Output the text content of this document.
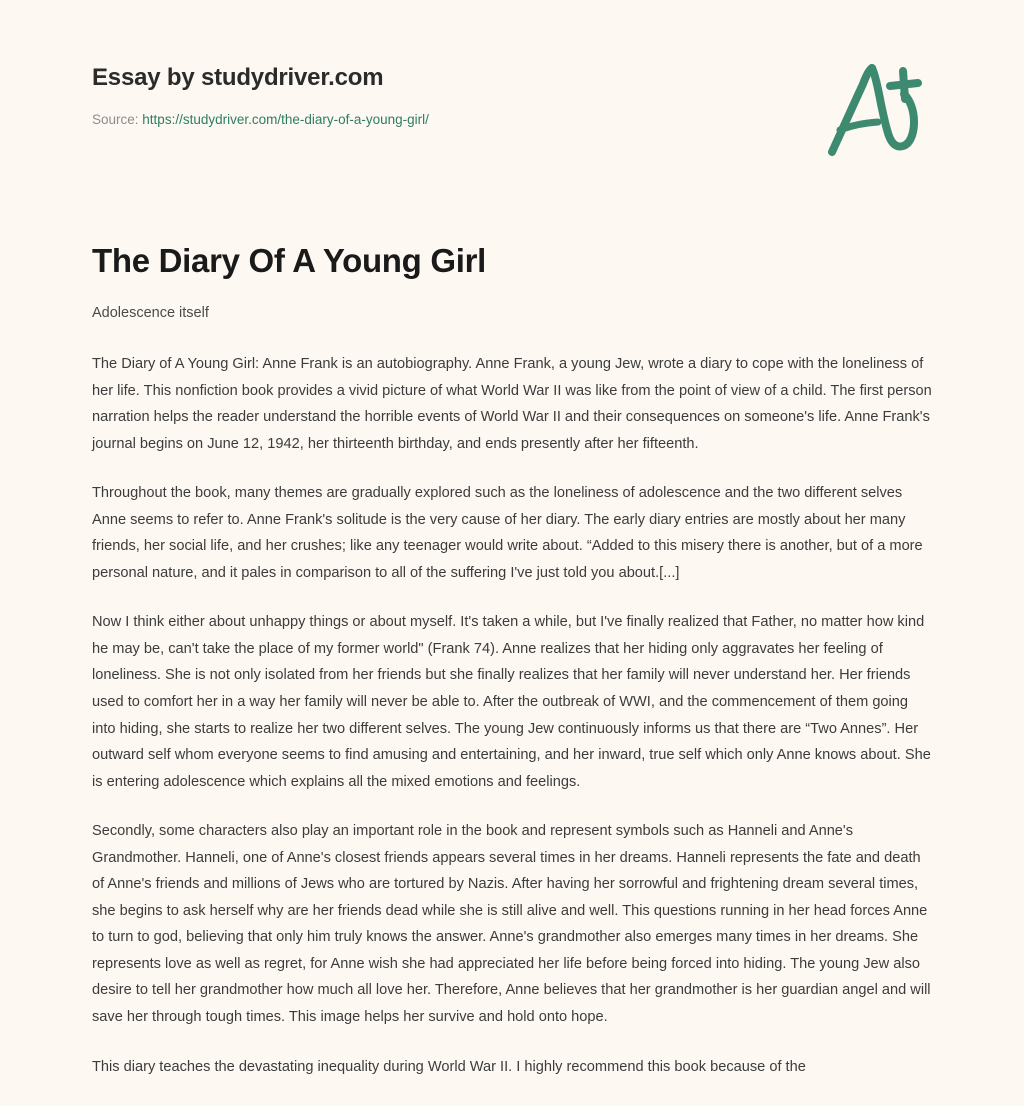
Essay by studydriver.com
Source: https://studydriver.com/the-diary-of-a-young-girl/
The Diary Of A Young Girl
Adolescence itself

The Diary of A Young Girl: Anne Frank is an autobiography. Anne Frank, a young Jew, wrote a diary to cope with the loneliness of her life. This nonfiction book provides a vivid picture of what World War II was like from the point of view of a child. The first person narration helps the reader understand the horrible events of World War II and their consequences on someone's life. Anne Frank's journal begins on June 12, 1942, her thirteenth birthday, and ends presently after her fifteenth.

Throughout the book, many themes are gradually explored such as the loneliness of adolescence and the two different selves Anne seems to refer to. Anne Frank's solitude is the very cause of her diary. The early diary entries are mostly about her many friends, her social life, and her crushes; like any teenager would write about. “Added to this misery there is another, but of a more personal nature, and it pales in comparison to all of the suffering I've just told you about.[...]

Now I think either about unhappy things or about myself. It's taken a while, but I've finally realized that Father, no matter how kind he may be, can't take the place of my former world" (Frank 74). Anne realizes that her hiding only aggravates her feeling of loneliness. She is not only isolated from her friends but she finally realizes that her family will never understand her. Her friends used to comfort her in a way her family will never be able to. After the outbreak of WWI, and the commencement of them going into hiding, she starts to realize her two different selves. The young Jew continuously informs us that there are “Two Annes”. Her outward self whom everyone seems to find amusing and entertaining, and her inward, true self which only Anne knows about. She is entering adolescence which explains all the mixed emotions and feelings.

Secondly, some characters also play an important role in the book and represent symbols such as Hanneli and Anne's Grandmother. Hanneli, one of Anne's closest friends appears several times in her dreams. Hanneli represents the fate and death of Anne's friends and millions of Jews who are tortured by Nazis. After having her sorrowful and frightening dream several times, she begins to ask herself why are her friends dead while she is still alive and well. This questions running in her head forces Anne to turn to god, believing that only him truly knows the answer. Anne's grandmother also emerges many times in her dreams. She represents love as well as regret, for Anne wish she had appreciated her life before being forced into hiding. The young Jew also desire to tell her grandmother how much all love her. Therefore, Anne believes that her grandmother is her guardian angel and will save her through tough times. This image helps her survive and hold onto hope.

This diary teaches the devastating inequality during World War II. I highly recommend this book because of the
